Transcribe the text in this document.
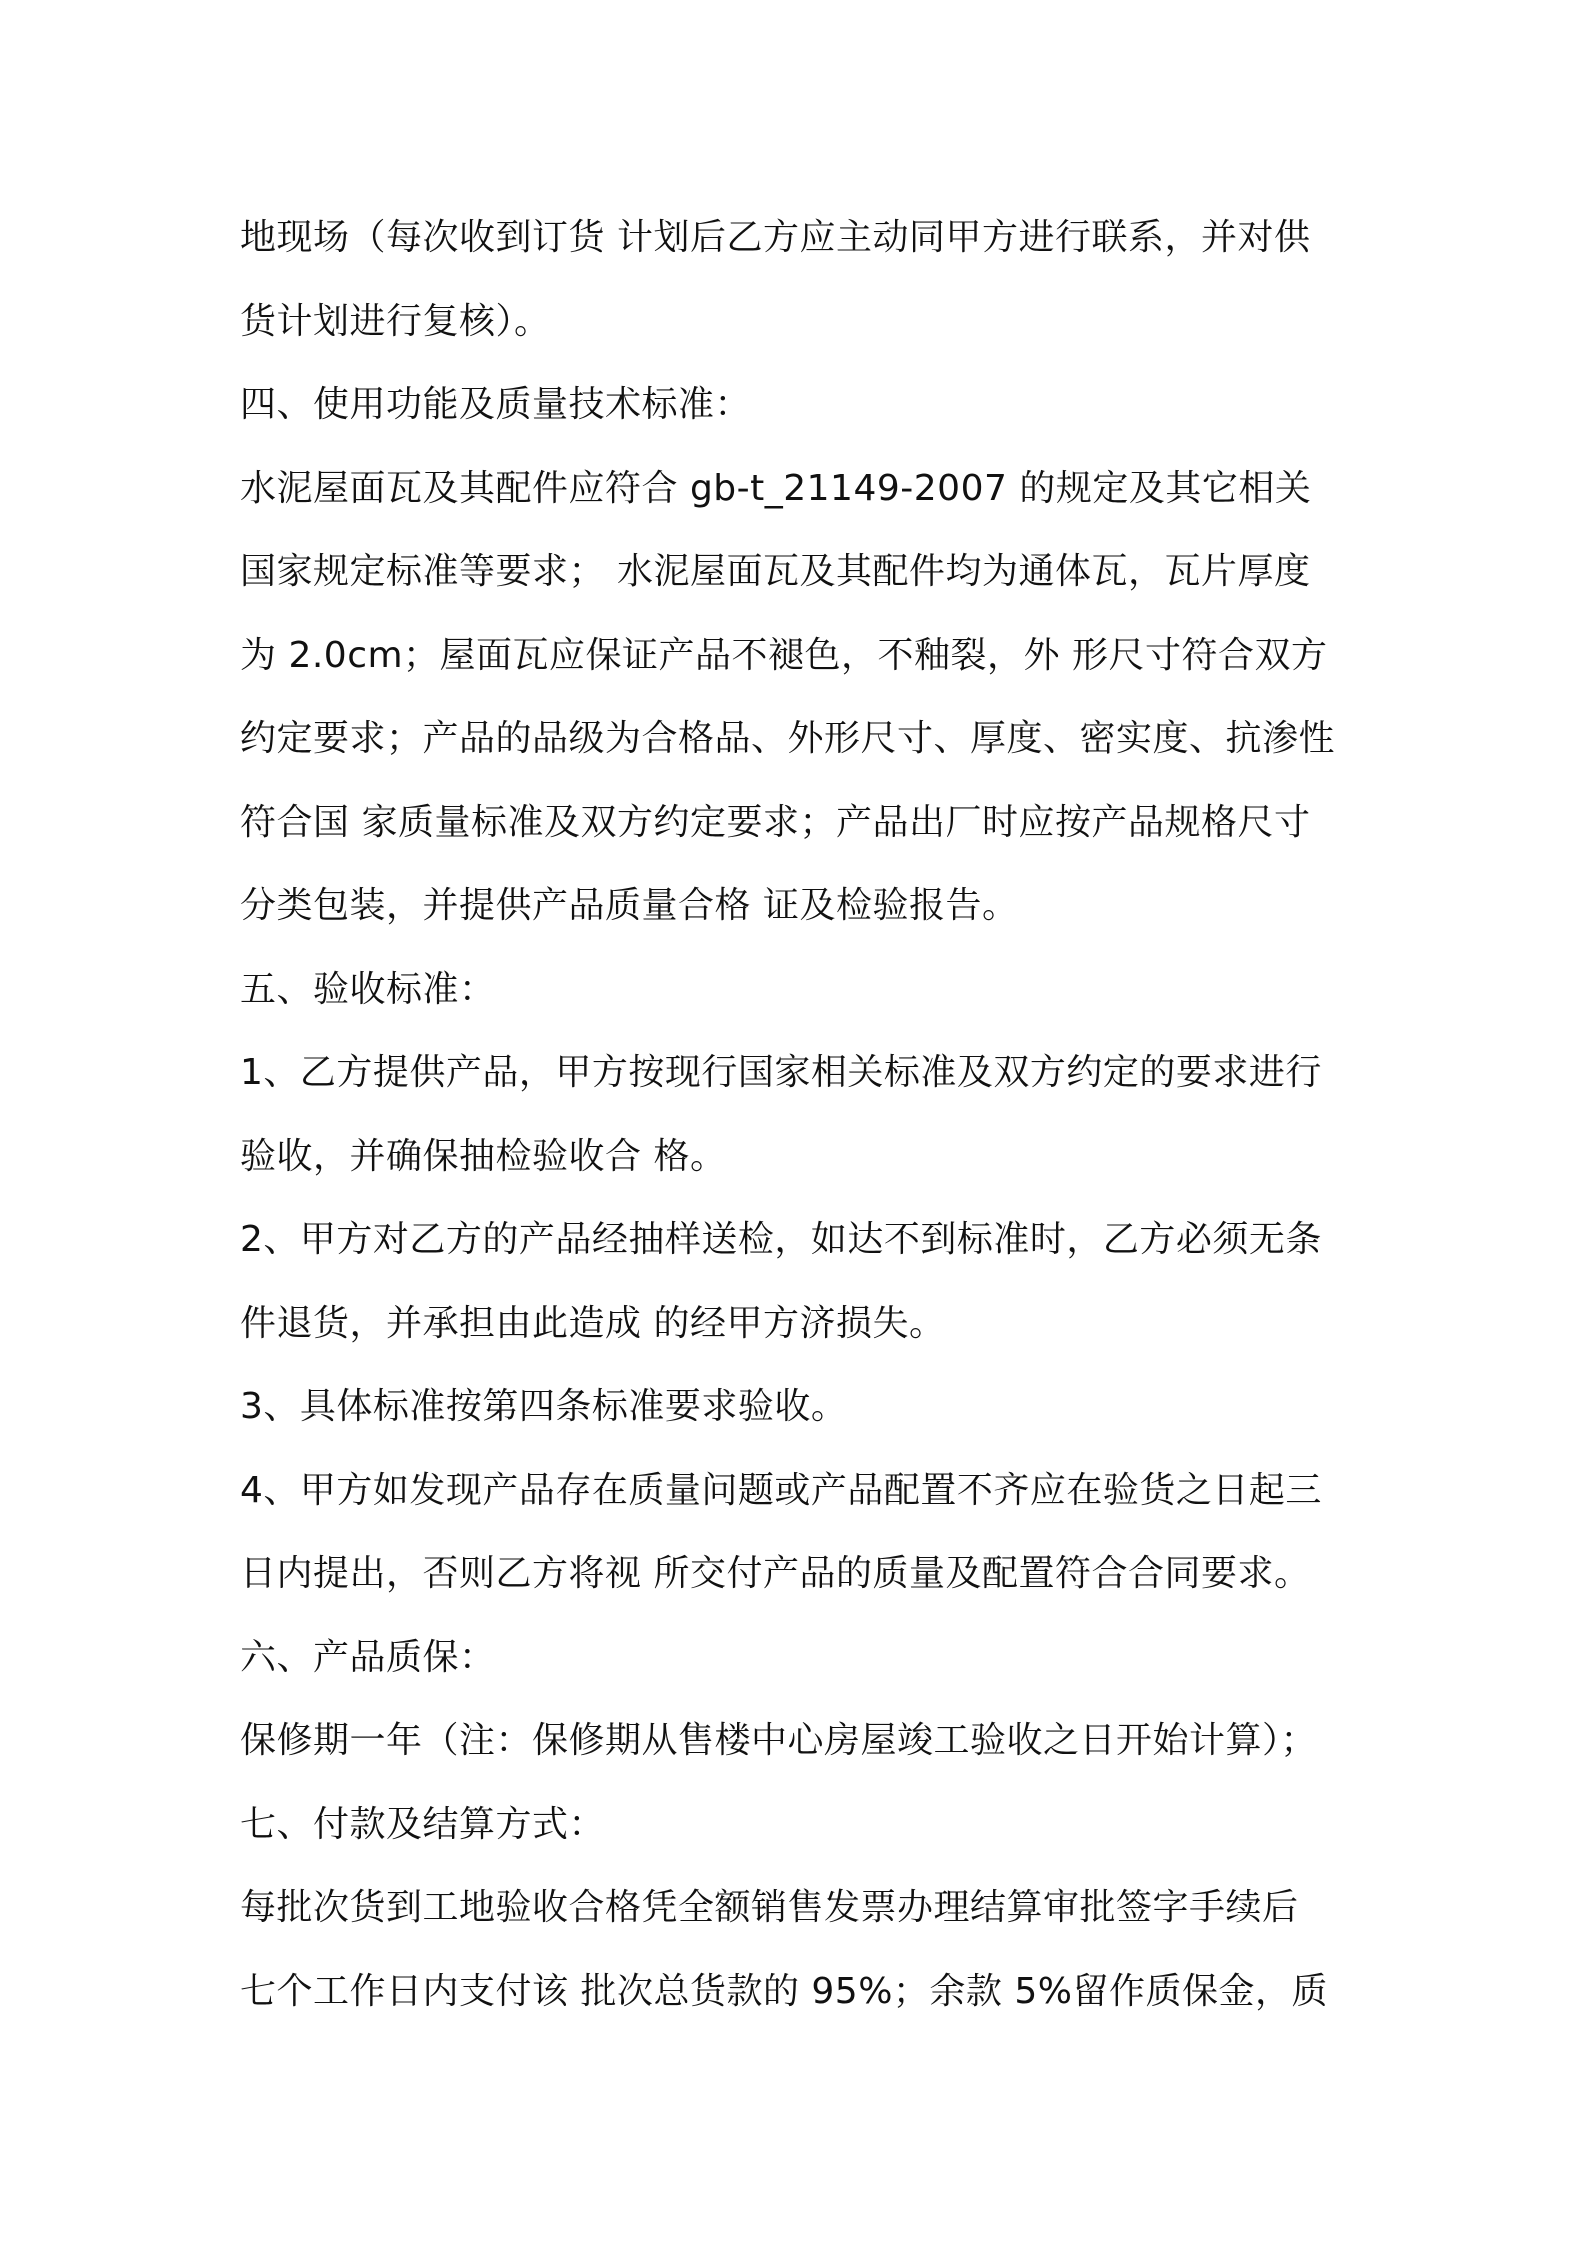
地现场（每次收到订货 计划后乙方应主动同甲方进行联系，并对供
货计划进行复核）。
四、使用功能及质量技术标准：
水泥屋面瓦及其配件应符合 gb-t_21149-2007 的规定及其它相关
国家规定标准等要求； 水泥屋面瓦及其配件均为通体瓦，瓦片厚度
为 2.0cm；屋面瓦应保证产品不褪色，不釉裂，外 形尺寸符合双方
约定要求；产品的品级为合格品、外形尺寸、厚度、密实度、抗渗性
符合国 家质量标准及双方约定要求；产品出厂时应按产品规格尺寸
分类包装，并提供产品质量合格 证及检验报告。
五、验收标准：
1、乙方提供产品，甲方按现行国家相关标准及双方约定的要求进行
验收，并确保抽检验收合 格。
2、甲方对乙方的产品经抽样送检，如达不到标准时，乙方必须无条
件退货，并承担由此造成 的经甲方济损失。
3、具体标准按第四条标准要求验收。
4、甲方如发现产品存在质量问题或产品配置不齐应在验货之日起三
日内提出，否则乙方将视 所交付产品的质量及配置符合合同要求。
六、产品质保：
保修期一年（注：保修期从售楼中心房屋竣工验收之日开始计算）；
七、付款及结算方式：
每批次货到工地验收合格凭全额销售发票办理结算审批签字手续后
七个工作日内支付该 批次总货款的 95%；余款 5%留作质保金，质
